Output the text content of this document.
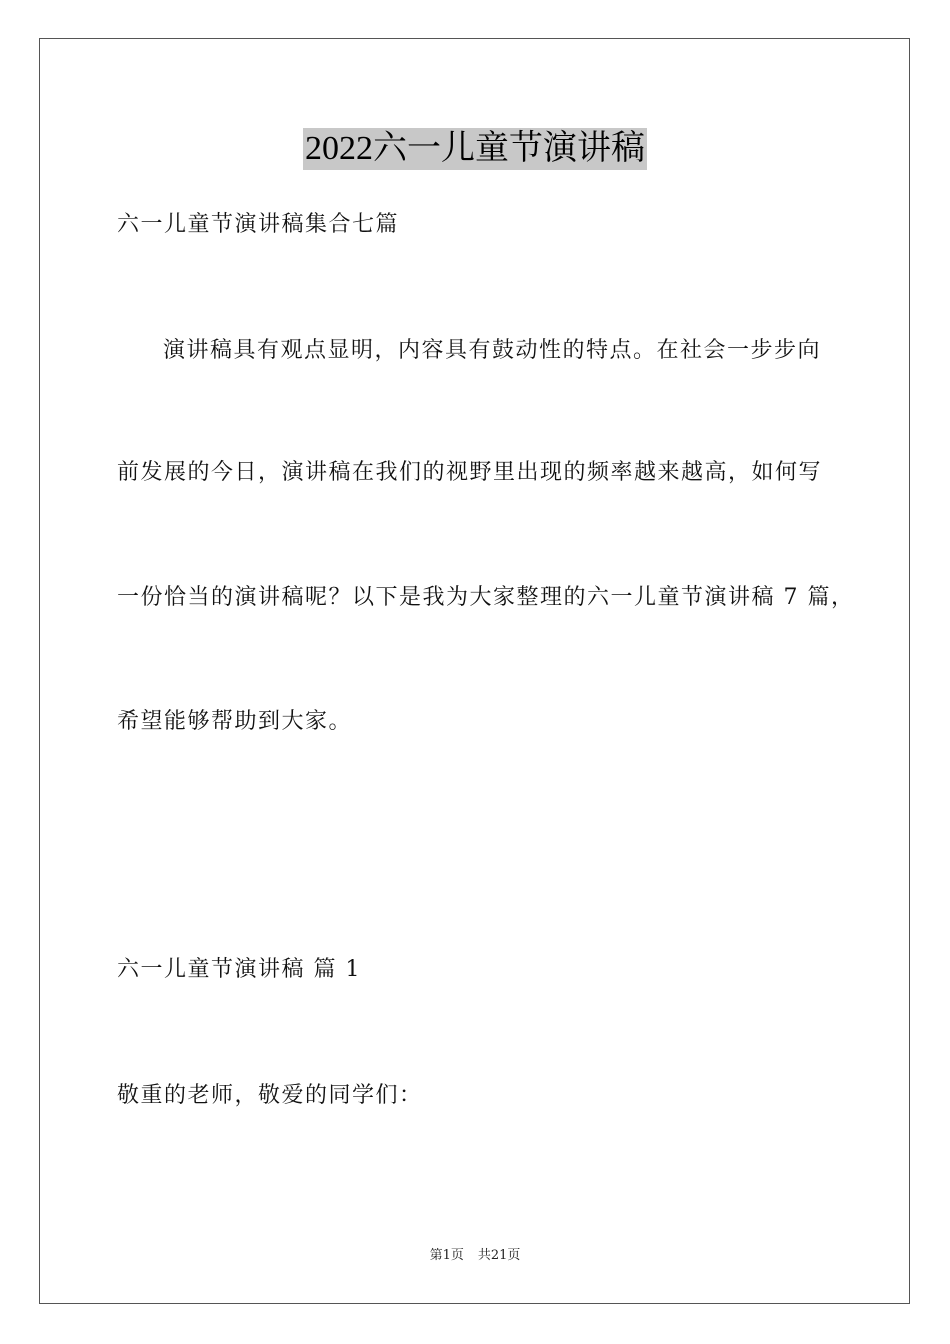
2022六一儿童节演讲稿
六一儿童节演讲稿集合七篇
演讲稿具有观点显明，内容具有鼓动性的特点。在社会一步步向
前发展的今日，演讲稿在我们的视野里出现的频率越来越高，如何写
一份恰当的演讲稿呢？以下是我为大家整理的六一儿童节演讲稿 7 篇，
希望能够帮助到大家。
六一儿童节演讲稿 篇 1
敬重的老师，敬爱的同学们：
第1页 共21页
